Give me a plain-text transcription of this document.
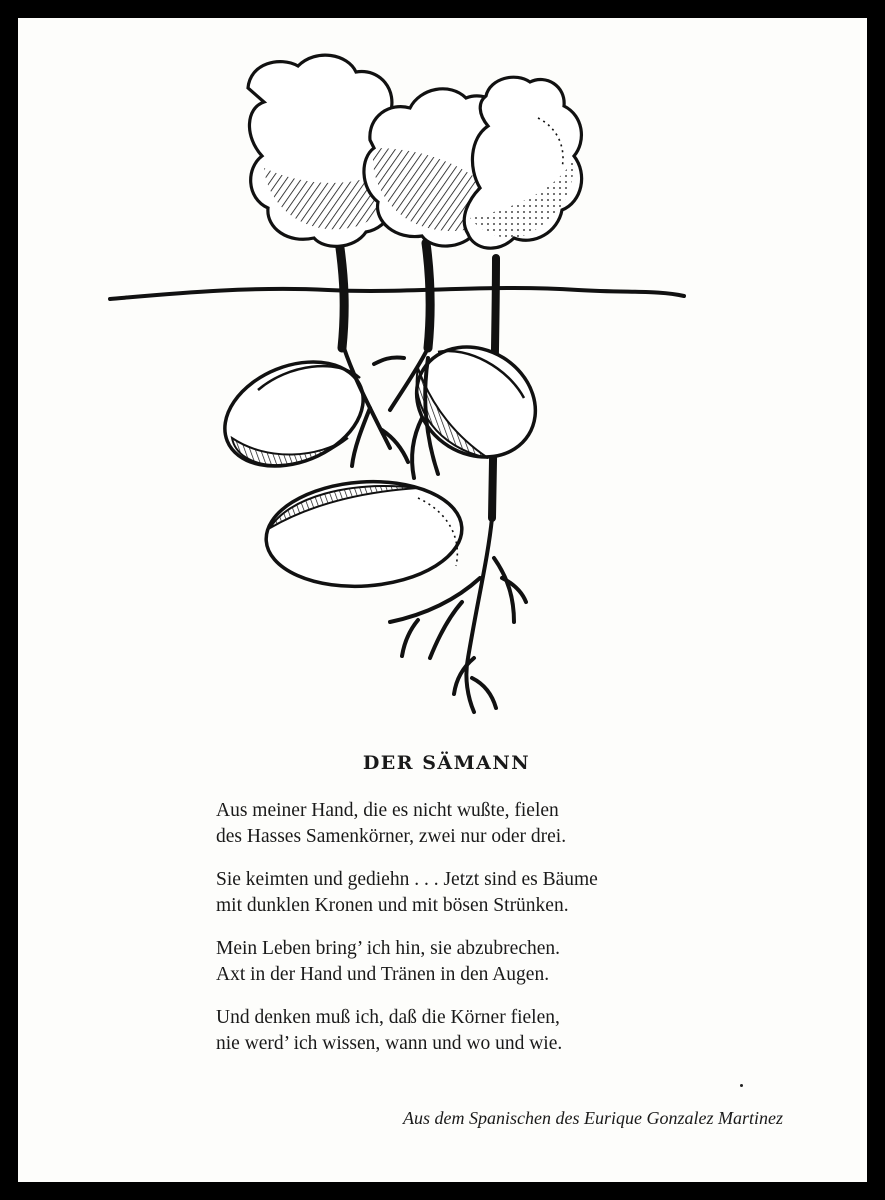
DER SÄMANN

Aus meiner Hand, die es nicht wußte, fielen
des Hasses Samenkörner, zwei nur oder drei.

Sie keimten und gediehn . . . Jetzt sind es Bäume
mit dunklen Kronen und mit bösen Strünken.

Mein Leben bring’ ich hin, sie abzubrechen.
Axt in der Hand und Tränen in den Augen.

Und denken muß ich, daß die Körner fielen,
nie werd’ ich wissen, wann und wo und wie.

Aus dem Spanischen des Eurique Gonzalez Martinez
